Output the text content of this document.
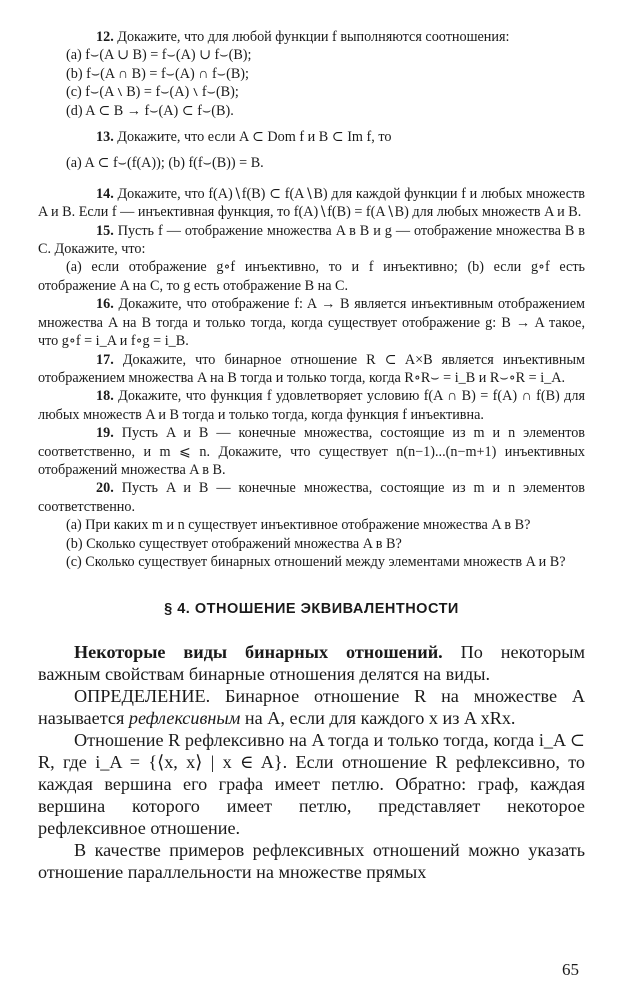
12. Докажите, что для любой функции f выполняются соотношения:

(a) f⌣(A ∪ B) = f⌣(A) ∪ f⌣(B);

(b) f⌣(A ∩ B) = f⌣(A) ∩ f⌣(B);

(c) f⌣(A ∖ B) = f⌣(A) ∖ f⌣(B);

(d) A ⊂ B → f⌣(A) ⊂ f⌣(B).

13. Докажите, что если A ⊂ Dom f и B ⊂ Im f, то

(a) A ⊂ f⌣(f(A)); (b) f(f⌣(B)) = B.

14. Докажите, что f(A)∖f(B) ⊂ f(A∖B) для каждой функции f и любых множеств A и B. Если f — инъективная функция, то f(A)∖f(B) = f(A∖B) для любых множеств A и B.

15. Пусть f — отображение множества A в B и g — отображение множества B в C. Докажите, что:

(a) если отображение g∘f инъективно, то и f инъективно; (b) если g∘f есть отображение A на C, то g есть отображение B на C.

16. Докажите, что отображение f: A → B является инъективным отображением множества A на B тогда и только тогда, когда существует отображение g: B → A такое, что g∘f = i_A и f∘g = i_B.

17. Докажите, что бинарное отношение R ⊂ A×B является инъективным отображением множества A на B тогда и только тогда, когда R∘R⌣ = i_B и R⌣∘R = i_A.

18. Докажите, что функция f удовлетворяет условию f(A ∩ B) = f(A) ∩ f(B) для любых множеств A и B тогда и только тогда, когда функция f инъективна.

19. Пусть A и B — конечные множества, состоящие из m и n элементов соответственно, и m ⩽ n. Докажите, что существует n(n−1)...(n−m+1) инъективных отображений множества A в B.

20. Пусть A и B — конечные множества, состоящие из m и n элементов соответственно.

(a) При каких m и n существует инъективное отображение множества A в B?

(b) Сколько существует отображений множества A в B?

(c) Сколько существует бинарных отношений между элементами множеств A и B?

§ 4. ОТНОШЕНИЕ ЭКВИВАЛЕНТНОСТИ

Некоторые виды бинарных отношений. По некоторым важным свойствам бинарные отношения делятся на виды.

ОПРЕДЕЛЕНИЕ. Бинарное отношение R на множестве A называется рефлексивным на A, если для каждого x из A xRx.

Отношение R рефлексивно на A тогда и только тогда, когда i_A ⊂ R, где i_A = {⟨x, x⟩ | x ∈ A}. Если отношение R рефлексивно, то каждая вершина его графа имеет петлю. Обратно: граф, каждая вершина которого имеет петлю, представляет некоторое рефлексивное отношение.

В качестве примеров рефлексивных отношений можно указать отношение параллельности на множестве прямых

65
